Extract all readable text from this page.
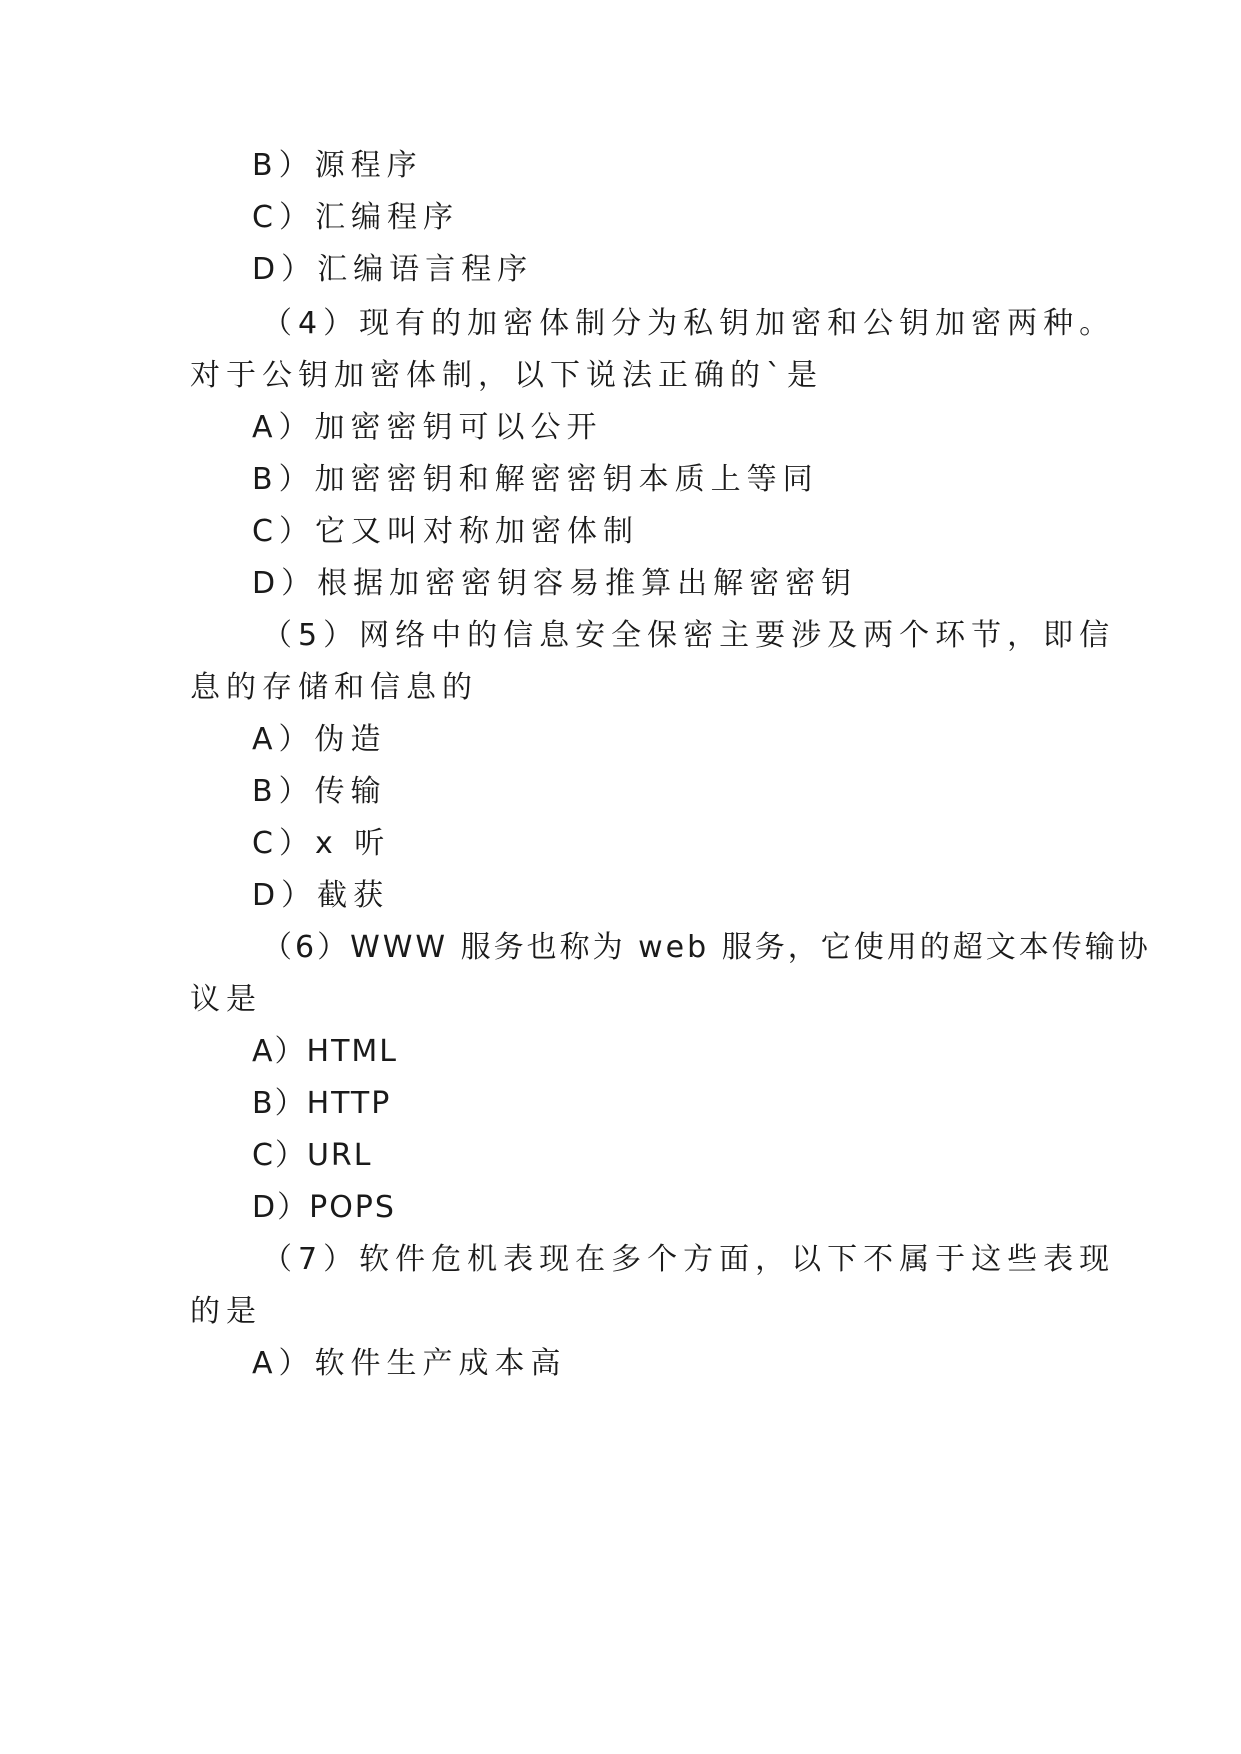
B）源程序
C）汇编程序
D）汇编语言程序
（4）现有的加密体制分为私钥加密和公钥加密两种。
对于公钥加密体制，以下说法正确的`是
A）加密密钥可以公开
B）加密密钥和解密密钥本质上等同
C）它又叫对称加密体制
D）根据加密密钥容易推算出解密密钥
（5）网络中的信息安全保密主要涉及两个环节，即信
息的存储和信息的
A）伪造
B）传输
C）x 听
D）截获
（6）WWW 服务也称为 web 服务，它使用的超文本传输协
议是
A）HTML
B）HTTP
C）URL
D）POPS
（7）软件危机表现在多个方面，以下不属于这些表现
的是
A）软件生产成本高
